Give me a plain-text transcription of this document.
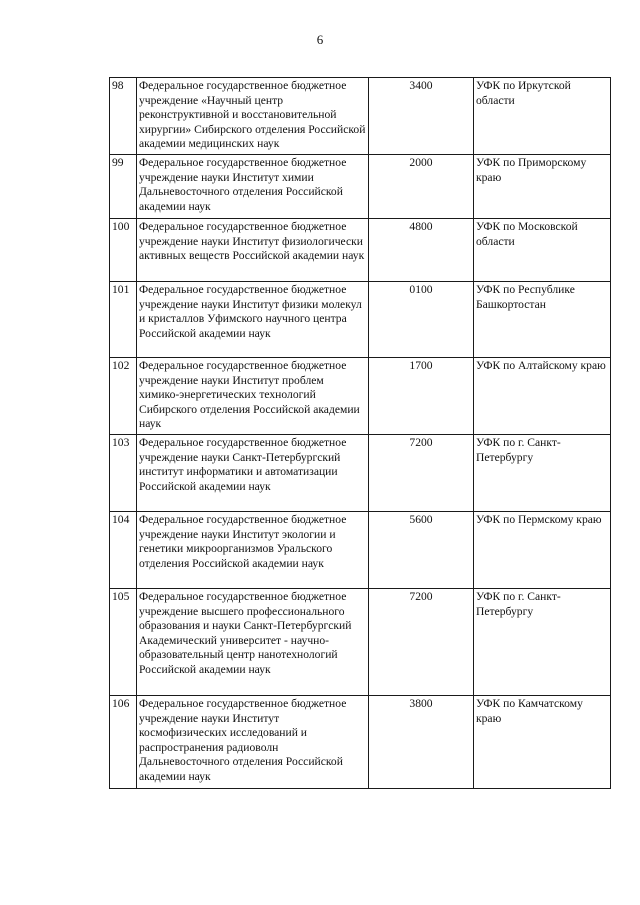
6
98	Федеральное государственное бюджетное учреждение «Научный центр реконструктивной и восстановительной хирургии» Сибирского отделения Российской академии медицинских наук	3400	УФК по Иркутской области
99	Федеральное государственное бюджетное учреждение науки Институт химии Дальневосточного отделения Российской академии наук	2000	УФК по Приморскому краю
100	Федеральное государственное бюджетное учреждение науки Институт физиологически активных веществ Российской академии наук	4800	УФК по Московской области
101	Федеральное государственное бюджетное учреждение науки Институт физики молекул и кристаллов Уфимского научного центра Российской академии наук	0100	УФК по Республике Башкортостан
102	Федеральное государственное бюджетное учреждение науки Институт проблем химико-энергетических технологий Сибирского отделения Российской академии наук	1700	УФК по Алтайскому краю
103	Федеральное государственное бюджетное учреждение науки Санкт-Петербургский институт информатики и автоматизации Российской академии наук	7200	УФК по г. Санкт-Петербургу
104	Федеральное государственное бюджетное учреждение науки Институт экологии и генетики микроорганизмов Уральского отделения Российской академии наук	5600	УФК по Пермскому краю
105	Федеральное государственное бюджетное учреждение высшего профессионального образования и науки Санкт-Петербургский Академический университет - научно-образовательный центр нанотехнологий Российской академии наук	7200	УФК по г. Санкт-Петербургу
106	Федеральное государственное бюджетное учреждение науки Институт космофизических исследований и распространения радиоволн Дальневосточного отделения Российской академии наук	3800	УФК по Камчатскому краю
